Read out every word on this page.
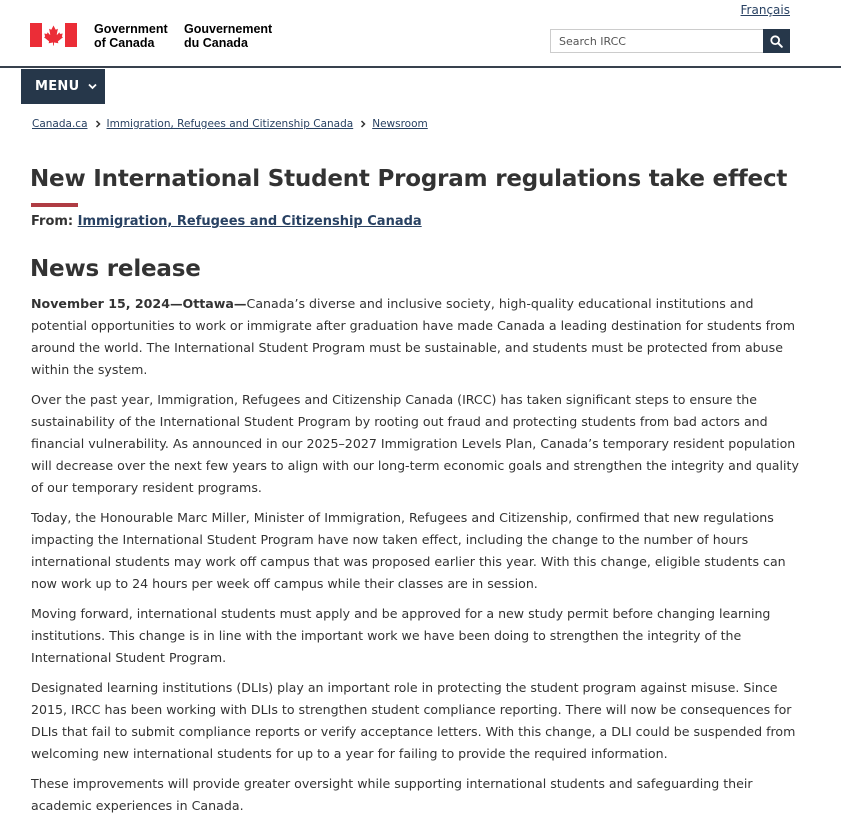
Français
Government
of Canada
Gouvernement
du Canada
Search IRCC
MENU
Canada.ca Immigration, Refugees and Citizenship Canada Newsroom
New International Student Program regulations take effect
From: Immigration, Refugees and Citizenship Canada
News release

November 15, 2024—Ottawa—Canada’s diverse and inclusive society, high-quality educational institutions and potential opportunities to work or immigrate after graduation have made Canada a leading destination for students from around the world. The International Student Program must be sustainable, and students must be protected from abuse within the system.

Over the past year, Immigration, Refugees and Citizenship Canada (IRCC) has taken significant steps to ensure the sustainability of the International Student Program by rooting out fraud and protecting students from bad actors and financial vulnerability. As announced in our 2025–2027 Immigration Levels Plan, Canada’s temporary resident population will decrease over the next few years to align with our long-term economic goals and strengthen the integrity and quality of our temporary resident programs.

Today, the Honourable Marc Miller, Minister of Immigration, Refugees and Citizenship, confirmed that new regulations impacting the International Student Program have now taken effect, including the change to the number of hours international students may work off campus that was proposed earlier this year. With this change, eligible students can now work up to 24 hours per week off campus while their classes are in session.

Moving forward, international students must apply and be approved for a new study permit before changing learning institutions. This change is in line with the important work we have been doing to strengthen the integrity of the International Student Program.

Designated learning institutions (DLIs) play an important role in protecting the student program against misuse. Since 2015, IRCC has been working with DLIs to strengthen student compliance reporting. There will now be consequences for DLIs that fail to submit compliance reports or verify acceptance letters. With this change, a DLI could be suspended from welcoming new international students for up to a year for failing to provide the required information.

These improvements will provide greater oversight while supporting international students and safeguarding their academic experiences in Canada.
